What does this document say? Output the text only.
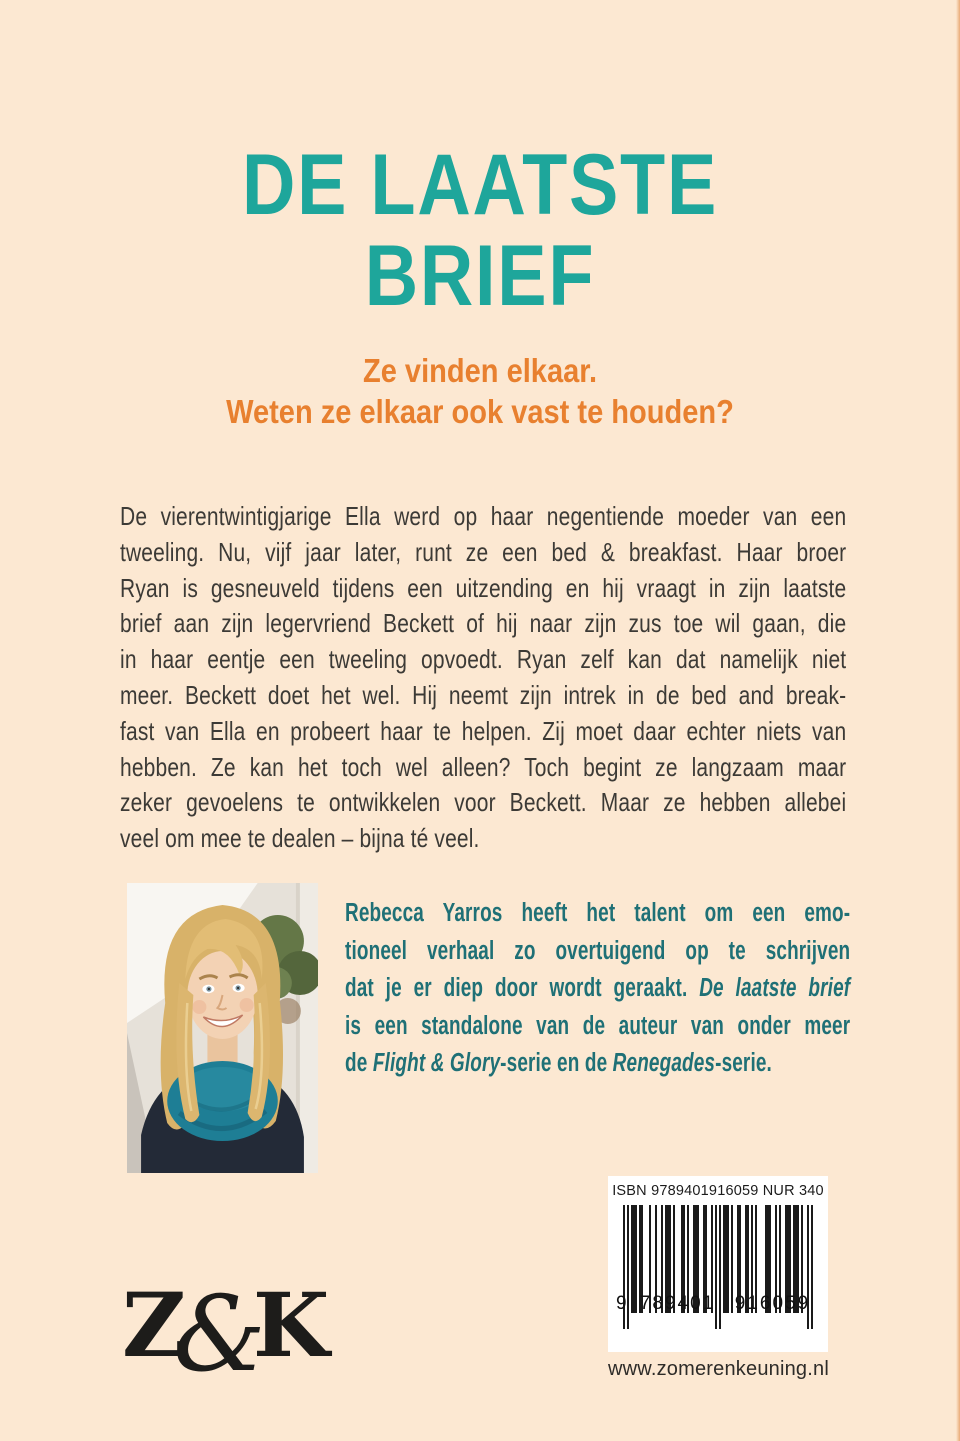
DE LAATSTE
BRIEF
Ze vinden elkaar.
Weten ze elkaar ook vast te houden?
De vierentwintigjarige Ella werd op haar negentiende moeder van een
tweeling. Nu, vijf jaar later, runt ze een bed & breakfast. Haar broer
Ryan is gesneuveld tijdens een uitzending en hij vraagt in zijn laatste
brief aan zijn legervriend Beckett of hij naar zijn zus toe wil gaan, die
in haar eentje een tweeling opvoedt. Ryan zelf kan dat namelijk niet
meer. Beckett doet het wel. Hij neemt zijn intrek in de bed and break-
fast van Ella en probeert haar te helpen. Zij moet daar echter niets van
hebben. Ze kan het toch wel alleen? Toch begint ze langzaam maar
zeker gevoelens te ontwikkelen voor Beckett. Maar ze hebben allebei
veel om mee te dealen – bijna té veel.
Rebecca Yarros heeft het talent om een emo-
tioneel verhaal zo overtuigend op te schrijven
dat je er diep door wordt geraakt. De laatste brief
is een standalone van de auteur van onder meer
de Flight & Glory-serie en de Renegades-serie.
Z&K
ISBN 9789401916059 NUR 340
9 789401	916059
www.zomerenkeuning.nl
